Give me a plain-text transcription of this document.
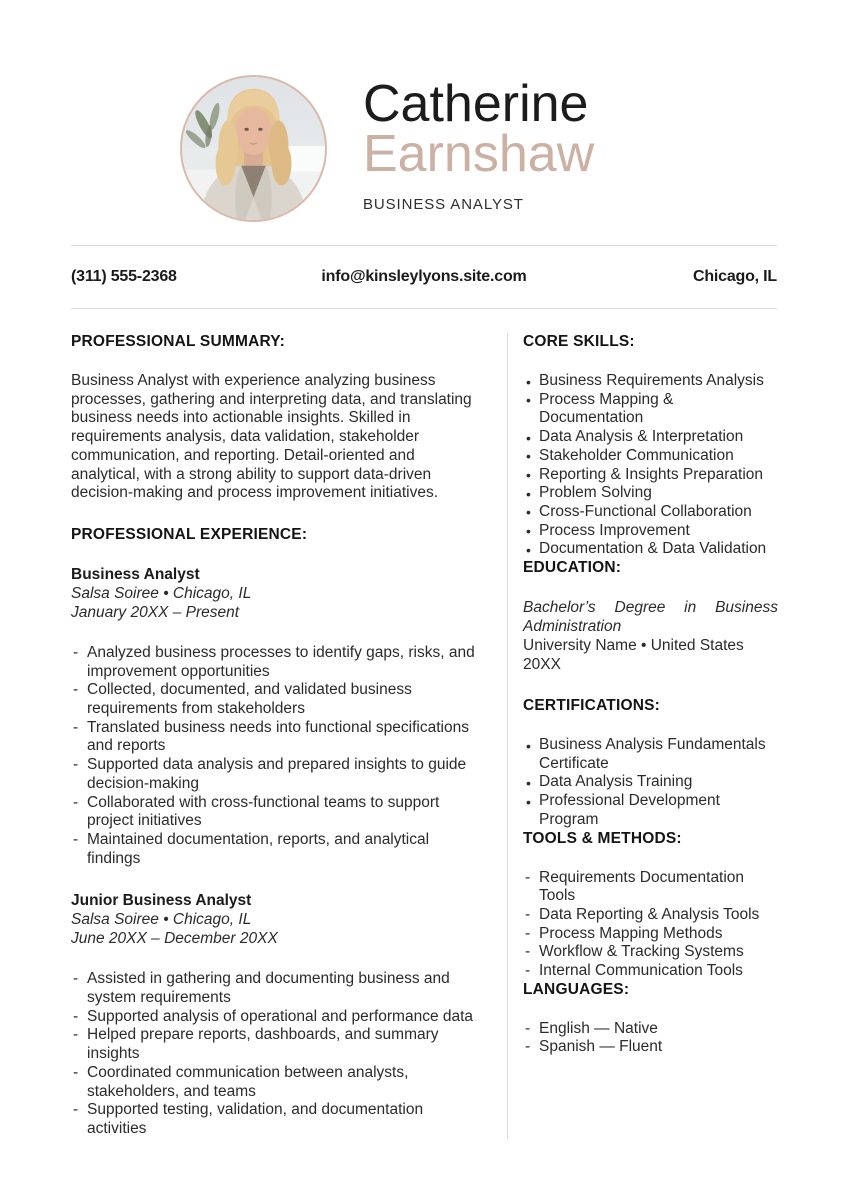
Catherine
Earnshaw
BUSINESS ANALYST
(311) 555-2368	info@kinsleylyons.site.com	Chicago, IL
PROFESSIONAL SUMMARY:

Business Analyst with experience analyzing business processes, gathering and interpreting data, and translating business needs into actionable insights. Skilled in requirements analysis, data validation, stakeholder communication, and reporting. Detail-oriented and analytical, with a strong ability to support data-driven decision-making and process improvement initiatives.

PROFESSIONAL EXPERIENCE:
Business Analyst
Salsa Soiree • Chicago, IL
January 20XX – Present
- Analyzed business processes to identify gaps, risks, and improvement opportunities
- Collected, documented, and validated business requirements from stakeholders
- Translated business needs into functional specifications and reports
- Supported data analysis and prepared insights to guide decision-making
- Collaborated with cross-functional teams to support project initiatives
- Maintained documentation, reports, and analytical findings
Junior Business Analyst
Salsa Soiree • Chicago, IL
June 20XX – December 20XX
- Assisted in gathering and documenting business and system requirements
- Supported analysis of operational and performance data
- Helped prepare reports, dashboards, and summary insights
- Coordinated communication between analysts, stakeholders, and teams
- Supported testing, validation, and documentation activities
CORE SKILLS:
• Business Requirements Analysis
• Process Mapping & Documentation
• Data Analysis & Interpretation
• Stakeholder Communication
• Reporting & Insights Preparation
• Problem Solving
• Cross-Functional Collaboration
• Process Improvement
• Documentation & Data Validation
EDUCATION:

Bachelor’s Degree in Business Administration

University Name • United States
20XX
CERTIFICATIONS:
• Business Analysis Fundamentals Certificate
• Data Analysis Training
• Professional Development Program
TOOLS & METHODS:
- Requirements Documentation Tools
- Data Reporting & Analysis Tools
- Process Mapping Methods
- Workflow & Tracking Systems
- Internal Communication Tools
LANGUAGES:
- English — Native
- Spanish — Fluent
